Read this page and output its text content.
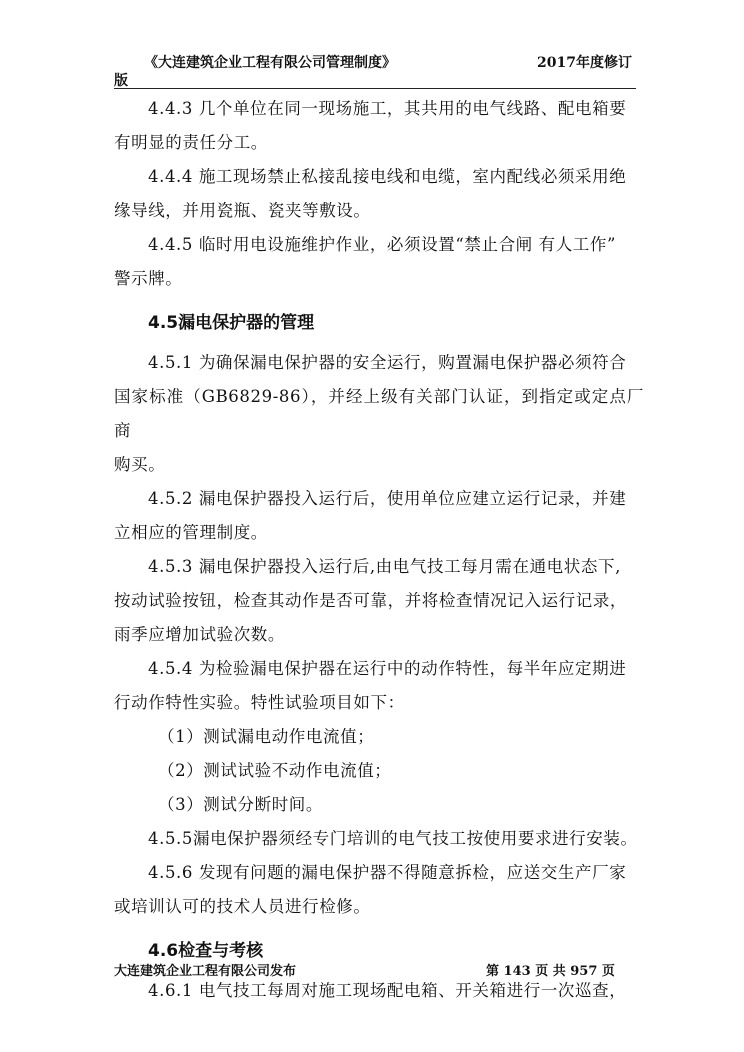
《大连建筑企业工程有限公司管理制度》	2017年度修订
版

4.4.3 几个单位在同一现场施工，其共用的电气线路、配电箱要

有明显的责任分工。

4.4.4 施工现场禁止私接乱接电线和电缆，室内配线必须采用绝

缘导线，并用瓷瓶、瓷夹等敷设。

4.4.5 临时用电设施维护作业，必须设置“禁止合闸 有人工作”

警示牌。

4.5漏电保护器的管理

4.5.1 为确保漏电保护器的安全运行，购置漏电保护器必须符合

国家标准（GB6829-86），并经上级有关部门认证，到指定或定点厂商

购买。

4.5.2 漏电保护器投入运行后，使用单位应建立运行记录，并建

立相应的管理制度。

4.5.3 漏电保护器投入运行后,由电气技工每月需在通电状态下,

按动试验按钮，检查其动作是否可靠，并将检查情况记入运行记录，

雨季应增加试验次数。

4.5.4 为检验漏电保护器在运行中的动作特性，每半年应定期进

行动作特性实验。特性试验项目如下：

（1）测试漏电动作电流值；

（2）测试试验不动作电流值；

（3）测试分断时间。

4.5.5漏电保护器须经专门培训的电气技工按使用要求进行安装。

4.5.6 发现有问题的漏电保护器不得随意拆检，应送交生产厂家

或培训认可的技术人员进行检修。

4.6检查与考核

4.6.1 电气技工每周对施工现场配电箱、开关箱进行一次巡查，

大连建筑企业工程有限公司发布	第 143 页 共 957 页
